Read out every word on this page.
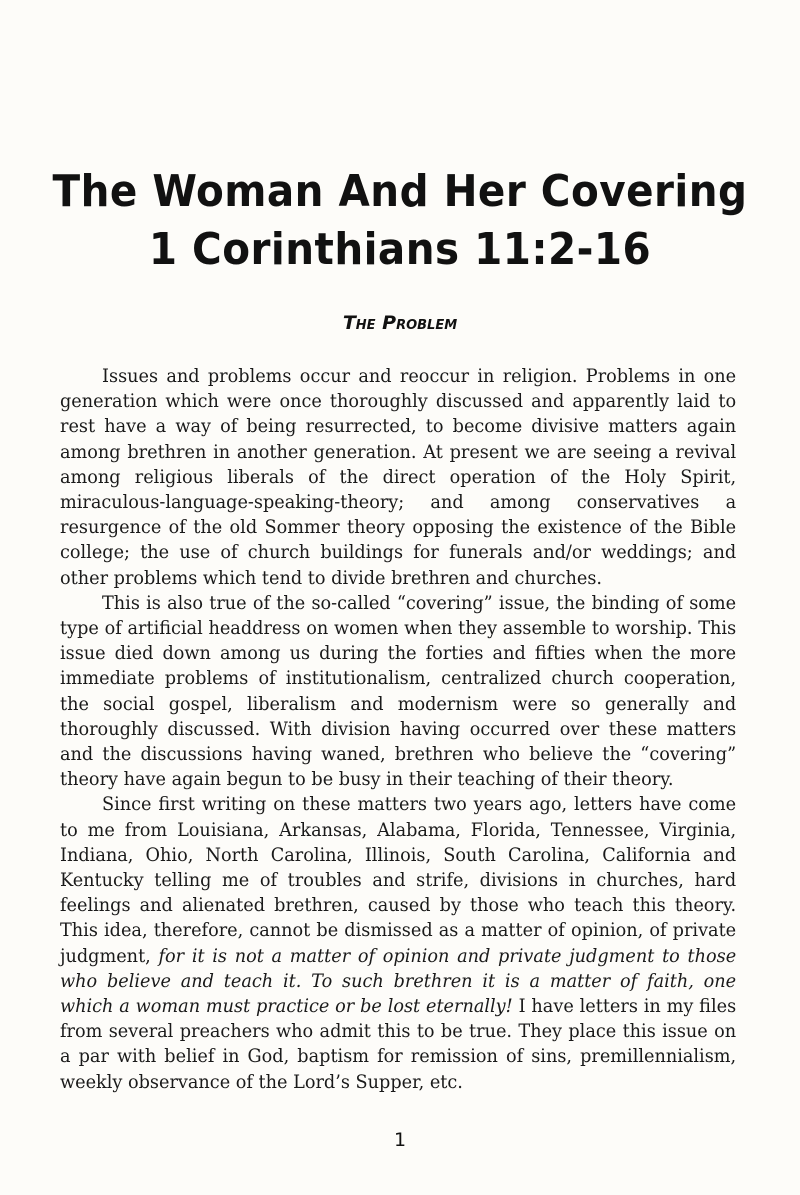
The Woman And Her Covering
1 Corinthians 11:2-16
The Problem

Issues and problems occur and reoccur in religion. Problems in one generation which were once thoroughly discussed and apparently laid to rest have a way of being resurrected, to become divisive matters again among brethren in another generation. At present we are seeing a revival among religious liberals of the direct operation of the Holy Spirit, miraculous-language-speaking-theory; and among conservatives a resurgence of the old Sommer theory opposing the existence of the Bible college; the use of church buildings for funerals and/or weddings; and other problems which tend to divide brethren and churches.

This is also true of the so-called “covering” issue, the binding of some type of artificial headdress on women when they assemble to worship. This issue died down among us during the forties and fifties when the more immediate problems of institutionalism, centralized church cooperation, the social gospel, liberalism and modernism were so generally and thoroughly discussed. With division having occurred over these matters and the discussions having waned, brethren who believe the “covering” theory have again begun to be busy in their teaching of their theory.

Since first writing on these matters two years ago, letters have come to me from Louisiana, Arkansas, Alabama, Florida, Tennessee, Virginia, Indiana, Ohio, North Carolina, Illinois, South Carolina, California and Kentucky telling me of troubles and strife, divisions in churches, hard feelings and alienated brethren, caused by those who teach this theory. This idea, therefore, cannot be dismissed as a matter of opinion, of private judgment, for it is not a matter of opinion and private judgment to those who believe and teach it. To such brethren it is a matter of faith, one which a woman must practice or be lost eternally! I have letters in my files from several preachers who admit this to be true. They place this issue on a par with belief in God, baptism for remission of sins, premillennialism, weekly observance of the Lord’s Supper, etc.

1
